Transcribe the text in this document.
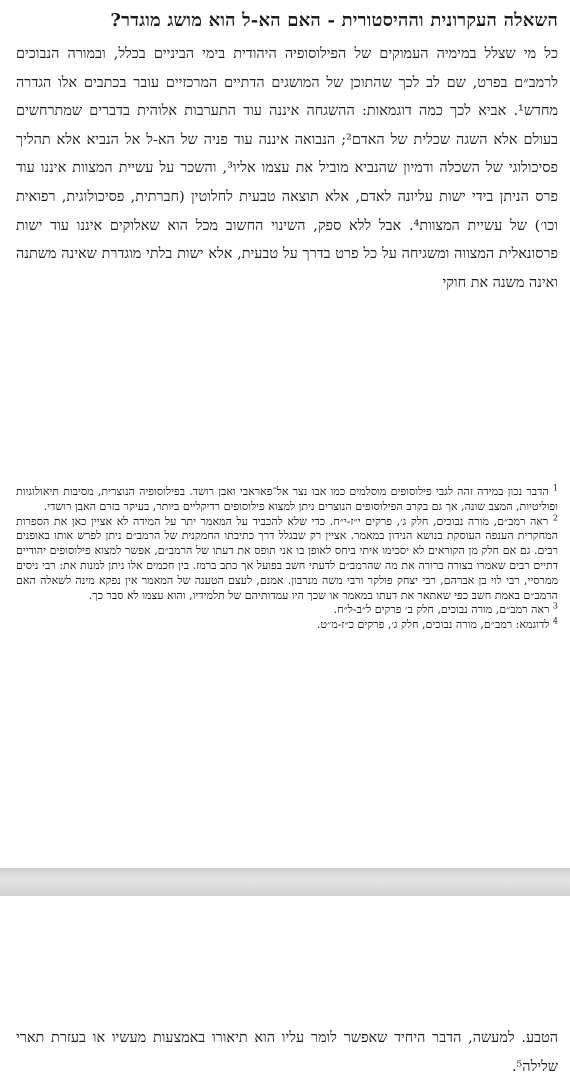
השאלה העקרונית וההיסטורית - האם הא-ל הוא מושג מוגדר?

כל מי שצלל במימיה העמוקים של הפילוסופיה היהודית בימי הביניים בכלל, ובמורה הנבוכים לרמב״ם בפרט, שם לב לכך שהתוכן של המושגים הדתיים המרכזיים עובר בכתבים אלו הגדרה מחדש¹. אביא לכך כמה דוגמאות: ההשגחה איננה עוד התערבות אלוהית בדברים שמתרחשים בעולם אלא השגה שכלית של האדם²; הנבואה איננה עוד פניה של הא-ל אל הנביא אלא תהליך פסיכולוגי של השכלה ודמיון שהנביא מוביל את עצמו אליו³, והשכר על עשיית המצוות איננו עוד פרס הניתן בידי ישות עליונה לאדם, אלא תוצאה טבעית לחלוטין (חברתית, פסיכולוגית, רפואית וכו׳) של עשיית המצוות⁴. אבל ללא ספק, השינוי החשוב מכל הוא שאלוקים איננו עוד ישות פרסונאלית המצווה ומשגיחה על כל פרט בדרך על טבעית, אלא ישות בלתי מוגדרת שאינה משתנה ואינה משנה את חוקי

$^1$ הדבר נכון במידה זהה לגבי פילוסופים מוסלמים כמו אבו נצר אל־פאראבי ואבן רושד. בפילוסופיה הנוצרית, מסיבות תיאולוגיות ופוליטיות, המצב שונה, אך גם בקרב הפילוסופים הנוצרים ניתן למצוא פילוסופים רדיקליים ביותר, בעיקר בזרם האבן רושדי.

$^2$ ראה רמב״ם, מורה נבוכים, חלק ג׳, פרקים י״ז-י״ח. כדי שלא להכביד על המאמר יתר על המידה לא אציין כאן את הספרות המחקרית הענפה העוסקת בנושא הנידון במאמר. אציין רק שבגלל דרך כתיבתו החמקנית של הרמב״ם ניתן לפרש אותו באופנים רבים. גם אם חלק מן הקוראים לא יסכימו איתי ביחס לאופן בו אני תופס את דעתו של הרמב״ם, אפשר למצוא פילוסופים יהודיים דתיים רבים שאמרו בצורה ברורה את מה שהרמב״ם לדעתי חשב בפועל אך כתב ברמז. בין חכמים אלו ניתן למנות את: רבי ניסים ממרסיי, רבי לוי בן אברהם, רבי יצחק פולקר ורבי משה מנרבון. אמנם, לעצם הטענה של המאמר אין נפקא מינה לשאלה האם הרמב״ם באמת חשב כפי שאתאר את דעתו במאמר או שכך היו עמדותיהם של תלמידיו, והוא עצמו לא סבר כך.

$^3$ ראה רמב״ם, מורה נבוכים, חלק ב׳ פרקים ל״ב-ל״ח.

$^4$ לדוגמא: רמב״ם, מורה נבוכים, חלק ג׳, פרקים כ״ז-מ״ט.

הטבע. למעשה, הדבר היחיד שאפשר לומר עליו הוא תיאורו באמצעות מעשיו או בעזרת תארי שלילה⁵.
